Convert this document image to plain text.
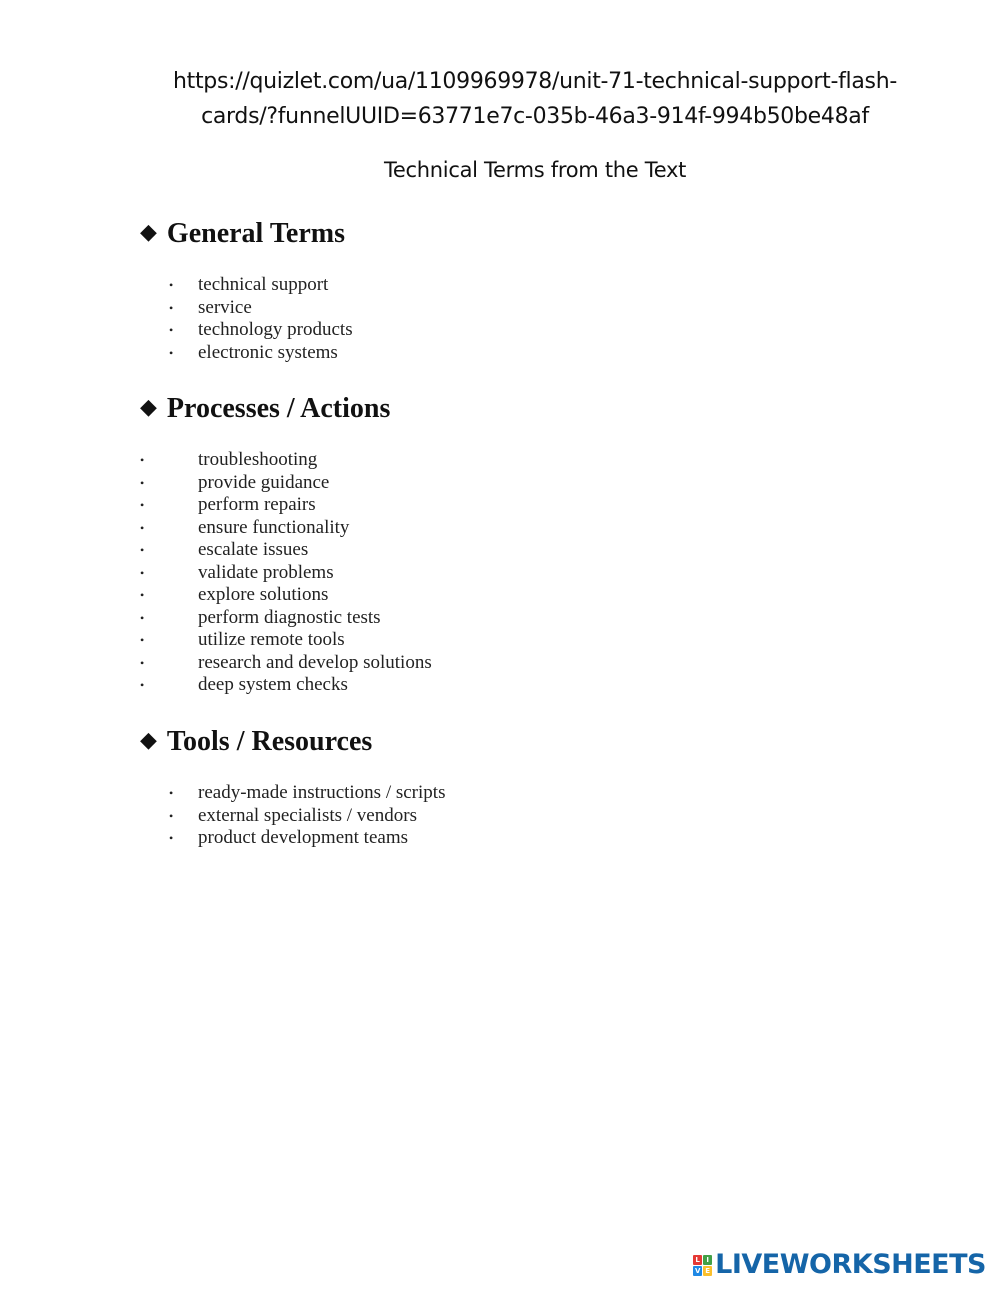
https://quizlet.com/ua/1109969978/unit-71-technical-support-flash-cards/?funnelUUID=63771e7c-035b-46a3-914f-994b50be48af
Technical Terms from the Text
◆ General Terms
• technical support
• service
• technology products
• electronic systems
◆ Processes / Actions
•	troubleshooting
•	provide guidance
•	perform repairs
•	ensure functionality
•	escalate issues
•	validate problems
•	explore solutions
•	perform diagnostic tests
•	utilize remote tools
•	research and develop solutions
•	deep system checks
◆ Tools / Resources
• ready-made instructions / scripts
• external specialists / vendors
• product development teams
L I
V E LIVEWORKSHEETS
